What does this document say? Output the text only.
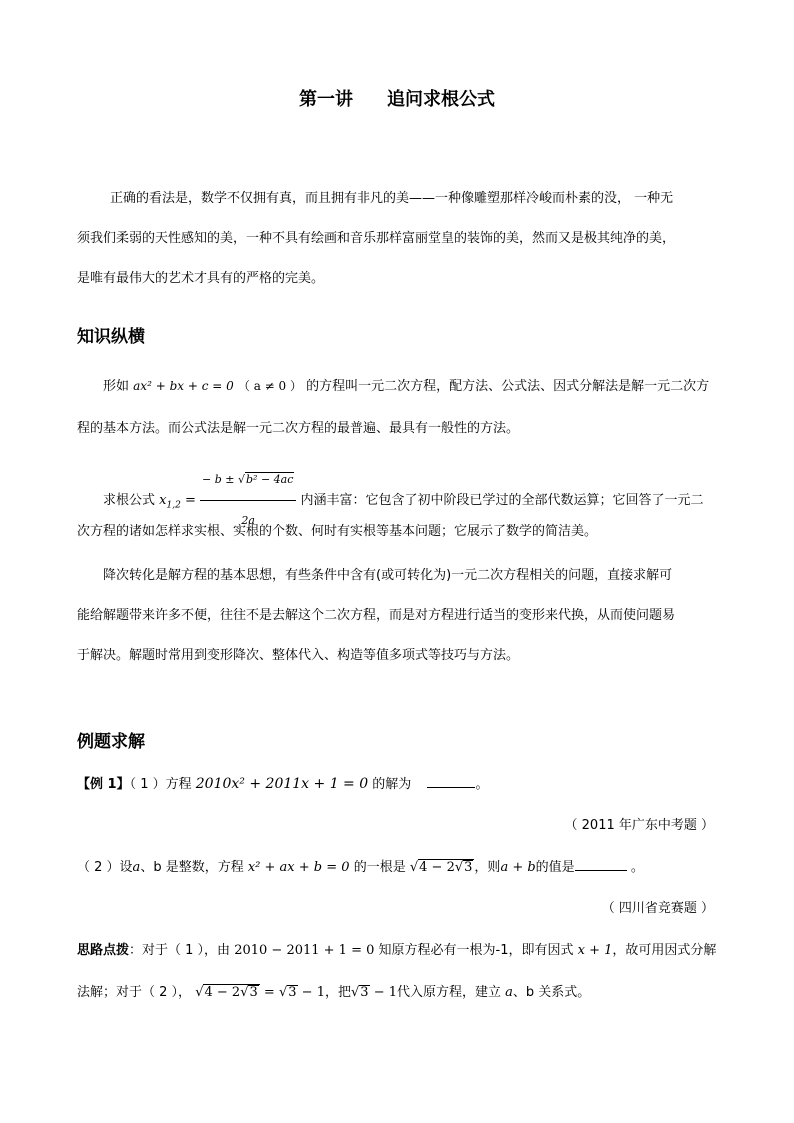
第一讲 追问求根公式
正确的看法是，数学不仅拥有真，而且拥有非凡的美——一种像雕塑那样冷峻而朴素的没， 一种无
须我们柔弱的天性感知的美，一种不具有绘画和音乐那样富丽堂皇的装饰的美，然而又是极其纯净的美，
是唯有最伟大的艺术才具有的严格的完美。
知识纵横
形如 ax² + bx + c = 0 （ a ≠ 0 ） 的方程叫一元二次方程，配方法、公式法、因式分解法是解一元二次方
程的基本方法。而公式法是解一元二次方程的最普遍、最具有一般性的方法。
求根公式 $x_{1,2} = \frac{\text{− b ± √b² − 4ac}}{2a}$ 内涵丰富：它包含了初中阶段已学过的全部代数运算；它回答了一元二
次方程的诸如怎样求实根、实根的个数、何时有实根等基本问题；它展示了数学的简洁美。
降次转化是解方程的基本思想，有些条件中含有(或可转化为)一元二次方程相关的问题，直接求解可
能给解题带来许多不便，往往不是去解这个二次方程，而是对方程进行适当的变形来代换，从而使问题易
于解决。解题时常用到变形降次、整体代入、构造等值多项式等技巧与方法。
例题求解
【例 1】（ 1 ）方程 2010x² + 2011x + 1 = 0 的解为	。
（ 2011 年广东中考题 ）
（ 2 ）设a、b 是整数，方程 x² + ax + b = 0 的一根是 √4 − 2√3 ，则a + b的值是	。
（ 四川省竞赛题 ）
思路点拨：对于（ 1 ），由 2010 − 2011 + 1 = 0 知原方程必有一根为-1，即有因式 x + 1，故可用因式分解
法解；对于（ 2 ）， √4 − 2√3 = √3 − 1，把√3 − 1代入原方程，建立 a、b 关系式。
